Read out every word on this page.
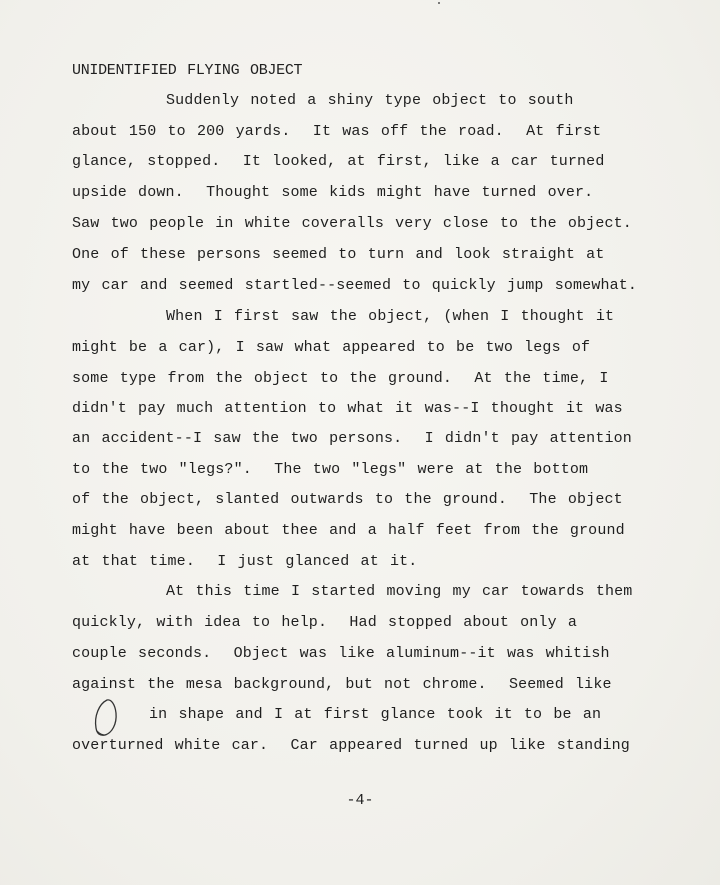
UNIDENTIFIED FLYING OBJECT
Suddenly noted a shiny type object to south
about 150 to 200 yards.  It was off the road.  At first
glance, stopped.  It looked, at first, like a car turned
upside down.  Thought some kids might have turned over.
Saw two people in white coveralls very close to the object.
One of these persons seemed to turn and look straight at
my car and seemed startled--seemed to quickly jump somewhat.
When I first saw the object, (when I thought it
might be a car), I saw what appeared to be two legs of
some type from the object to the ground.  At the time, I
didn't pay much attention to what it was--I thought it was
an accident--I saw the two persons.  I didn't pay attention
to the two "legs?".  The two "legs" were at the bottom
of the object, slanted outwards to the ground.  The object
might have been about thee and a half feet from the ground
at that time.  I just glanced at it.
At this time I started moving my car towards them
quickly, with idea to help.  Had stopped about only a
couple seconds.  Object was like aluminum--it was whitish
against the mesa background, but not chrome.  Seemed like
in shape and I at first glance took it to be an
overturned white car.  Car appeared turned up like standing
-4-
